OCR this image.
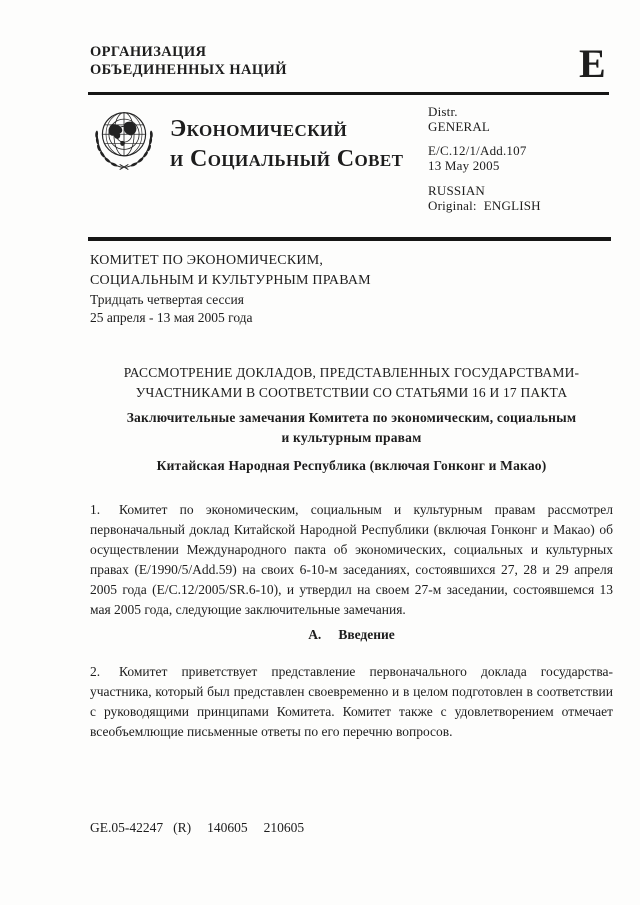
ОРГАНИЗАЦИЯ
ОБЪЕДИНЕННЫХ НАЦИЙ	E
Экономический
и Социальный Совет
Distr.
GENERAL
E/C.12/1/Add.107
13 May 2005
RUSSIAN
Original: ENGLISH
КОМИТЕТ ПО ЭКОНОМИЧЕСКИМ,
СОЦИАЛЬНЫМ И КУЛЬТУРНЫМ ПРАВАМ
Тридцать четвертая сессия
25 апреля - 13 мая 2005 года
РАССМОТРЕНИЕ ДОКЛАДОВ, ПРЕДСТАВЛЕННЫХ ГОСУДАРСТВАМИ-
УЧАСТНИКАМИ В СООТВЕТСТВИИ СО СТАТЬЯМИ 16 И 17 ПАКТА
Заключительные замечания Комитета по экономическим, социальным
и культурным правам
Китайская Народная Республика (включая Гонконг и Макао)
1. Комитет по экономическим, социальным и культурным правам рассмотрел первоначальный доклад Китайской Народной Республики (включая Гонконг и Макао) об осуществлении Международного пакта об экономических, социальных и культурных правах (E/1990/5/Add.59) на своих 6-10-м заседаниях, состоявшихся 27, 28 и 29 апреля 2005 года (E/C.12/2005/SR.6-10), и утвердил на своем 27-м заседании, состоявшемся 13 мая 2005 года, следующие заключительные замечания.
А. Введение
2. Комитет приветствует представление первоначального доклада государства-участника, который был представлен своевременно и в целом подготовлен в соответствии с руководящими принципами Комитета. Комитет также с удовлетворением отмечает всеобъемлющие письменные ответы по его перечню вопросов.
GE.05-42247 (R) 140605 210605
